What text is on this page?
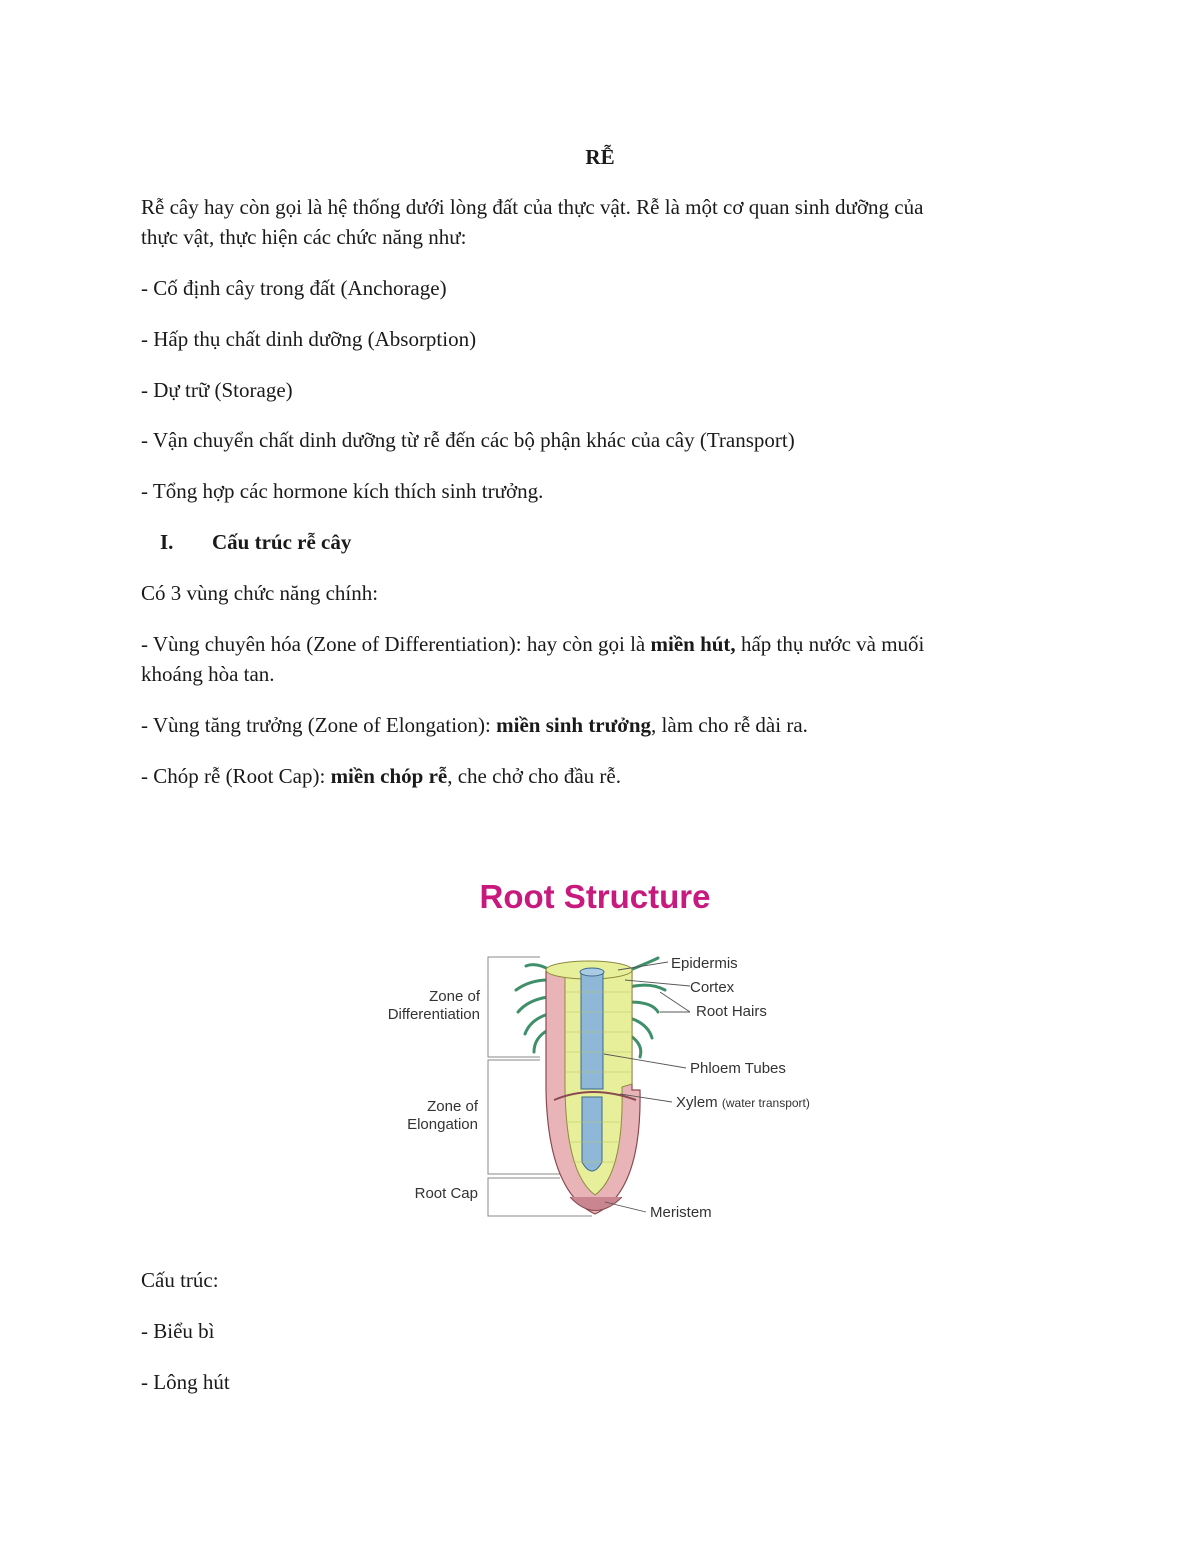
RỄ

Rễ cây hay còn gọi là hệ thống dưới lòng đất của thực vật. Rễ là một cơ quan sinh dưỡng của

thực vật, thực hiện các chức năng như:

- Cố định cây trong đất (Anchorage)

- Hấp thụ chất dinh dưỡng (Absorption)

- Dự trữ (Storage)

- Vận chuyển chất dinh dưỡng từ rễ đến các bộ phận khác của cây (Transport)

- Tổng hợp các hormone kích thích sinh trưởng.

I. Cấu trúc rễ cây

Có 3 vùng chức năng chính:

- Vùng chuyên hóa (Zone of Differentiation): hay còn gọi là miền hút, hấp thụ nước và muối

khoáng hòa tan.

- Vùng tăng trưởng (Zone of Elongation): miền sinh trưởng, làm cho rễ dài ra.

- Chóp rễ (Root Cap): miền chóp rễ, che chở cho đầu rễ.

Root Structure

Zone of
Differentiation
Zone of
Elongation
Root Cap
Epidermis
Cortex
Root Hairs
Phloem Tubes
Xylem (water transport)
Meristem

Cấu trúc:

- Biểu bì

- Lông hút
